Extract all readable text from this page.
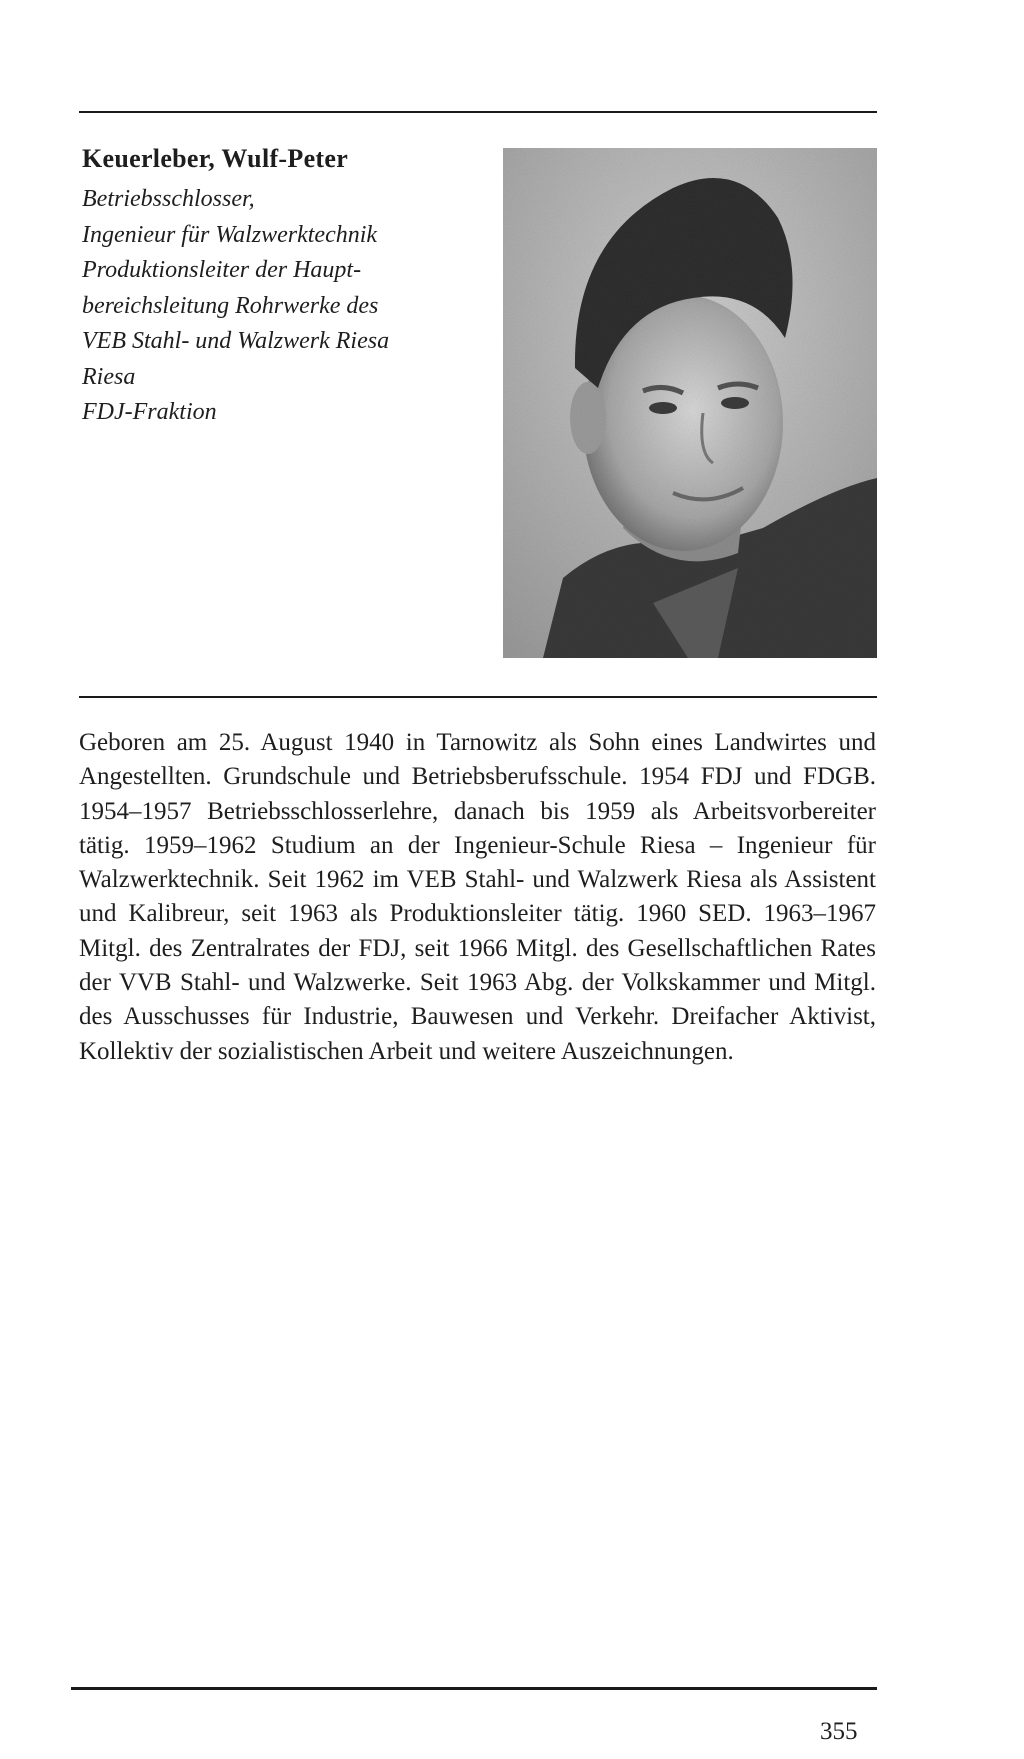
Keuerleber, Wulf-Peter

Betriebsschlosser,

Ingenieur für Walzwerktechnik

Produktionsleiter der Haupt-

bereichsleitung Rohrwerke des

VEB Stahl- und Walzwerk Riesa

Riesa

FDJ-Fraktion

Geboren am 25. August 1940 in Tarnowitz als Sohn eines Landwirtes und Angestellten. Grundschule und Betriebsberufsschule. 1954 FDJ und FDGB. 1954–1957 Betriebsschlosserlehre, danach bis 1959 als Arbeitsvorbereiter tätig. 1959–1962 Studium an der Ingenieur-Schule Riesa – Ingenieur für Walzwerktechnik. Seit 1962 im VEB Stahl- und Walzwerk Riesa als Assistent und Kalibreur, seit 1963 als Produktionsleiter tätig. 1960 SED. 1963–1967 Mitgl. des Zentralrates der FDJ, seit 1966 Mitgl. des Gesellschaftlichen Rates der VVB Stahl- und Walzwerke. Seit 1963 Abg. der Volkskammer und Mitgl. des Ausschusses für Industrie, Bauwesen und Verkehr. Dreifacher Aktivist, Kollektiv der sozialistischen Arbeit und weitere Auszeichnungen.

355
